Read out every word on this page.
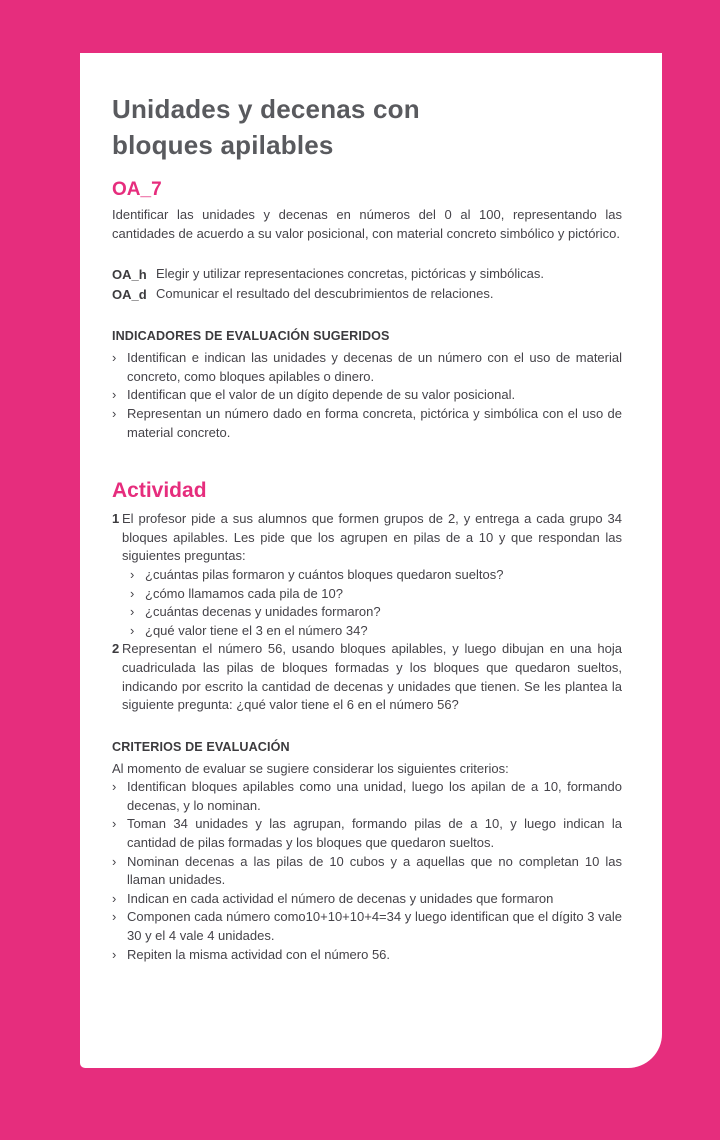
Unidades y decenas con
bloques apilables
OA_7

Identificar las unidades y decenas en números del 0 al 100, representando las cantidades de acuerdo a su valor posicional, con material concreto simbólico y pictórico.

OA_h Elegir y utilizar representaciones concretas, pictóricas y simbólicas.
OA_d Comunicar el resultado del descubrimientos de relaciones.
INDICADORES DE EVALUACIÓN SUGERIDOS
› Identifican e indican las unidades y decenas de un número con el uso de material concreto, como bloques apilables o dinero.
› Identifican que el valor de un dígito depende de su valor posicional.
› Representan un número dado en forma concreta, pictórica y simbólica con el uso de material concreto.
Actividad
1 El profesor pide a sus alumnos que formen grupos de 2, y entrega a cada grupo 34 bloques apilables. Les pide que los agrupen en pilas de a 10 y que respondan las siguientes preguntas:
› ¿cuántas pilas formaron y cuántos bloques quedaron sueltos?
› ¿cómo llamamos cada pila de 10?
› ¿cuántas decenas y unidades formaron?
› ¿qué valor tiene el 3 en el número 34?
2 Representan el número 56, usando bloques apilables, y luego dibujan en una hoja cuadriculada las pilas de bloques formadas y los bloques que quedaron sueltos, indicando por escrito la cantidad de decenas y unidades que tienen. Se les plantea la siguiente pregunta: ¿qué valor tiene el 6 en el número 56?
CRITERIOS DE EVALUACIÓN

Al momento de evaluar se sugiere considerar los siguientes criterios:

› Identifican bloques apilables como una unidad, luego los apilan de a 10, formando decenas, y lo nominan.
› Toman 34 unidades y las agrupan, formando pilas de a 10, y luego indican la cantidad de pilas formadas y los bloques que quedaron sueltos.
› Nominan decenas a las pilas de 10 cubos y a aquellas que no completan 10 las llaman unidades.
› Indican en cada actividad el número de decenas y unidades que formaron
› Componen cada número como10+10+10+4=34 y luego identifican que el dígito 3 vale 30 y el 4 vale 4 unidades.
› Repiten la misma actividad con el número 56.
